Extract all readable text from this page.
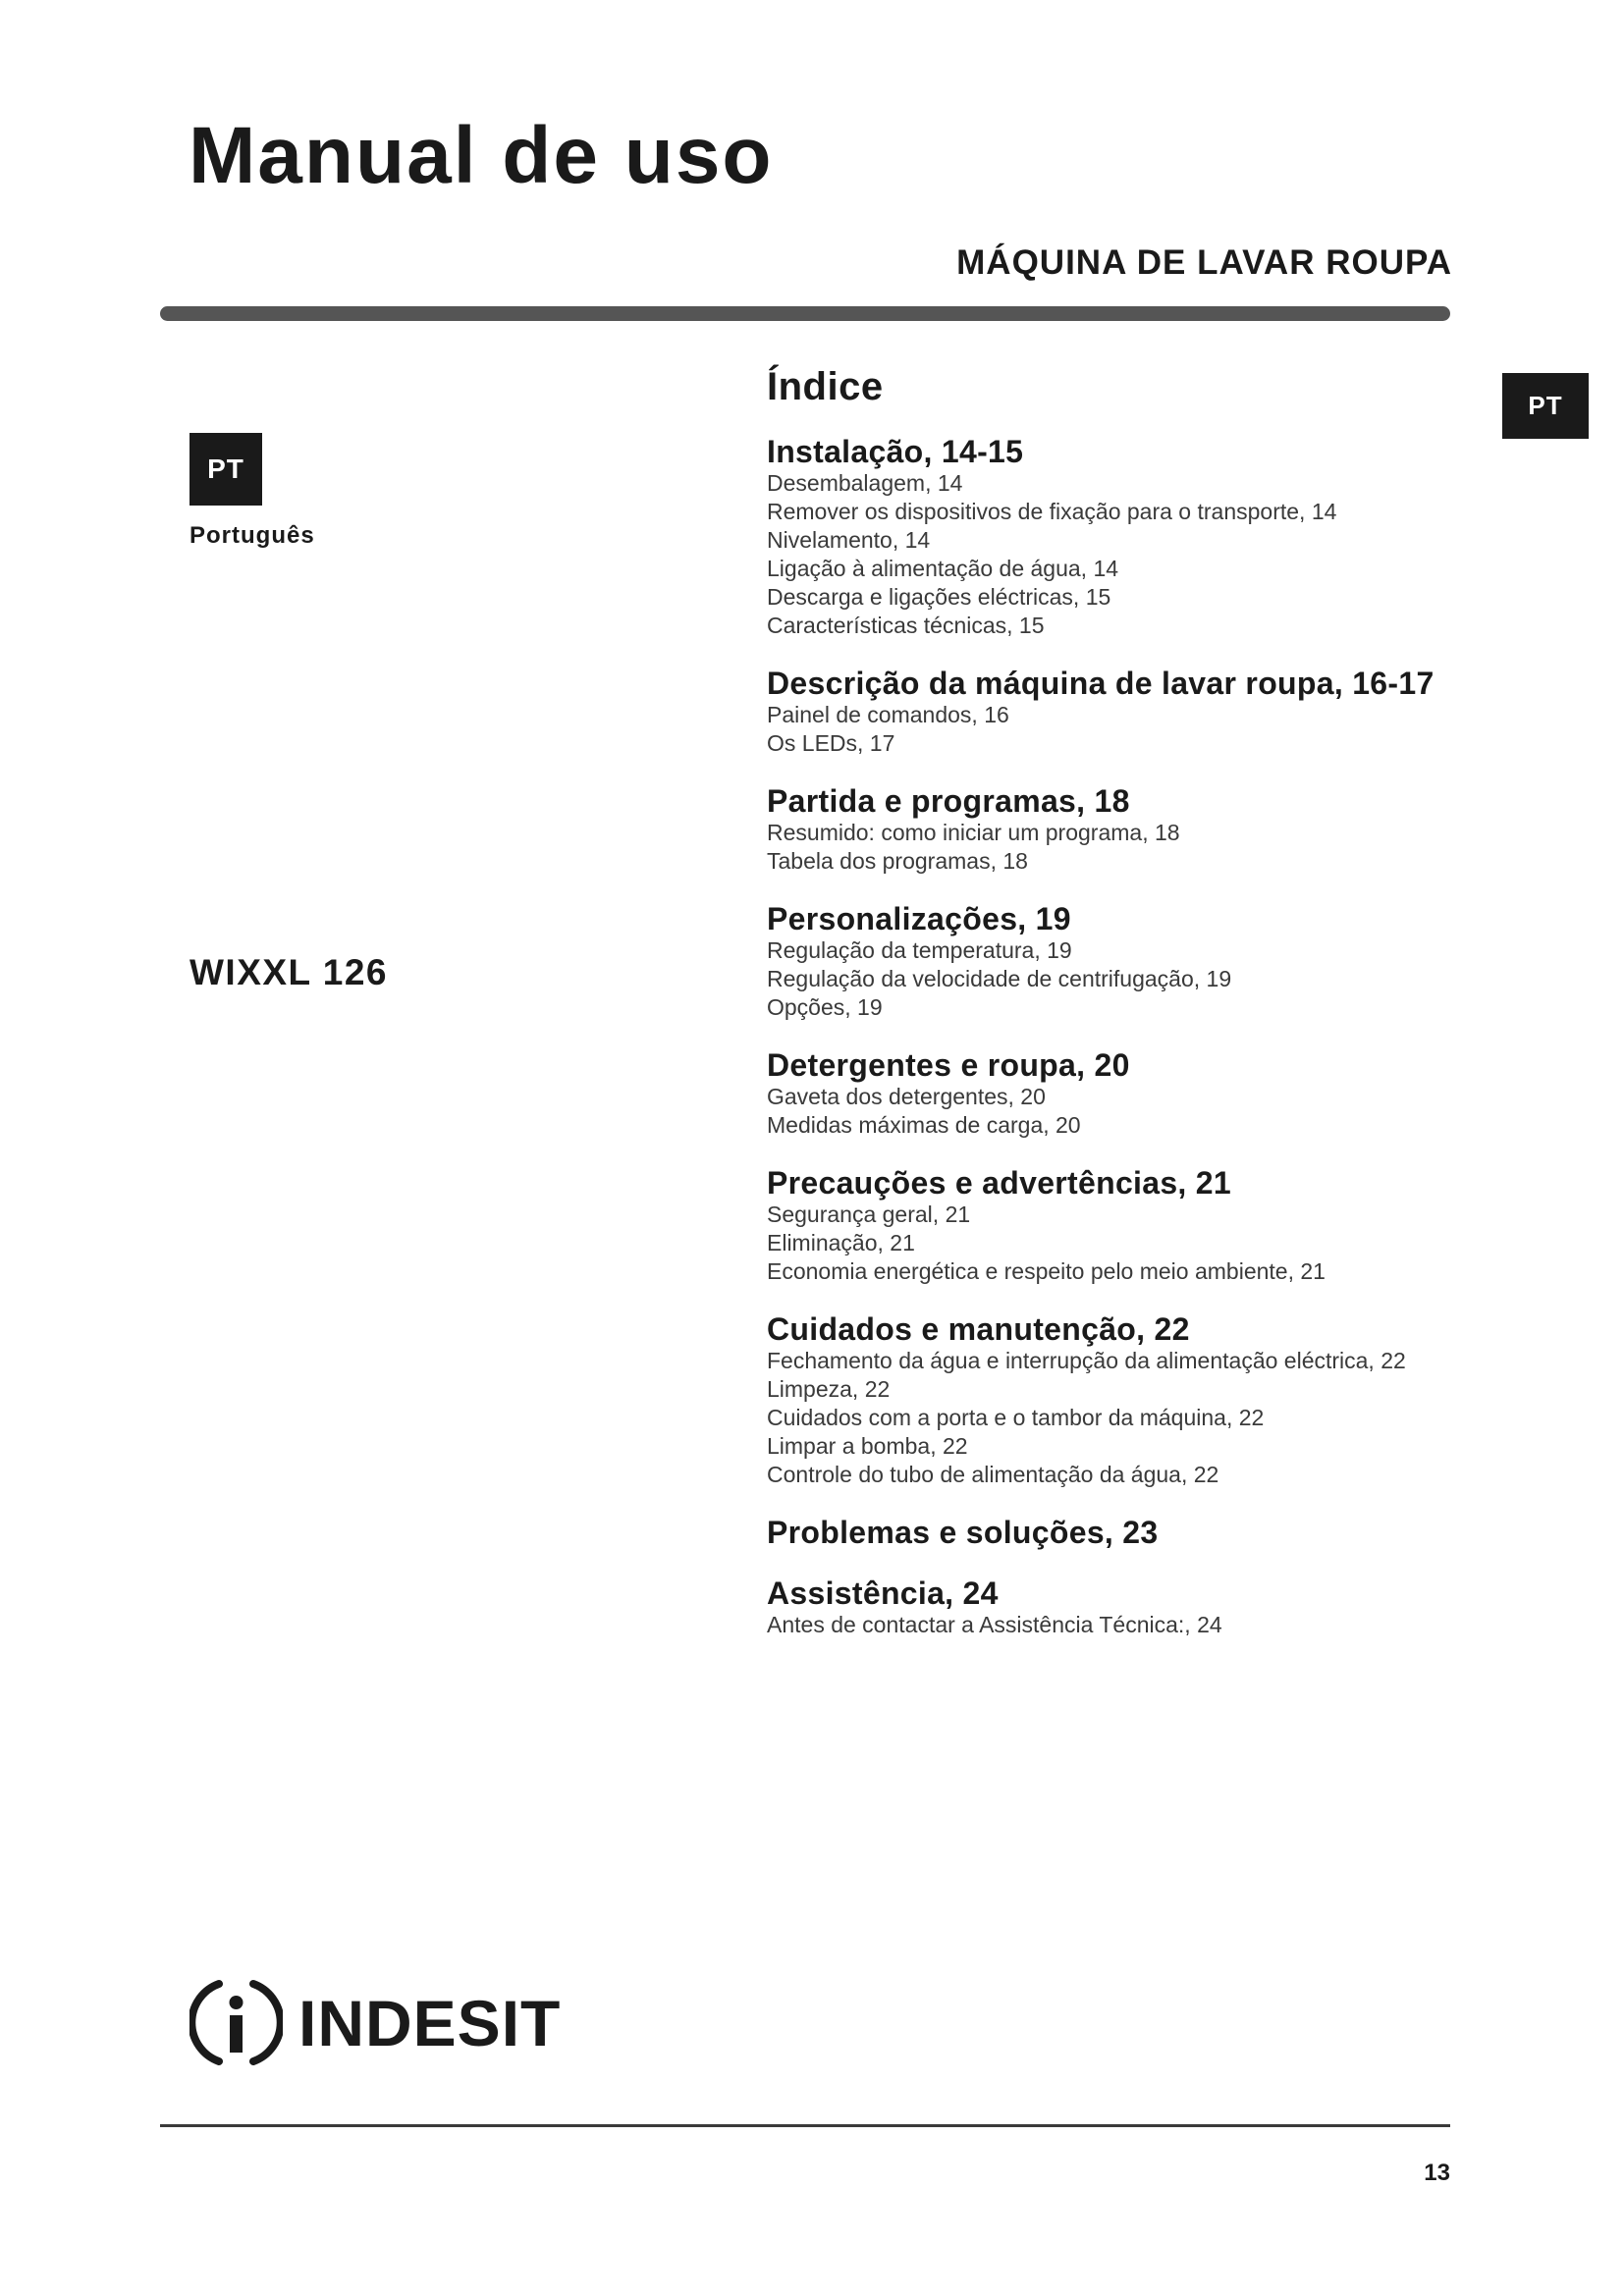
Manual de uso
MÁQUINA DE LAVAR ROUPA
PT
Português
PT
WIXXL 126
Índice
Instalação, 14-15
Desembalagem, 14
Remover os dispositivos de fixação para o transporte, 14
Nivelamento, 14
Ligação à alimentação de água, 14
Descarga e ligações eléctricas, 15
Características técnicas, 15
Descrição da máquina de lavar roupa, 16-17
Painel de comandos, 16
Os LEDs, 17
Partida e programas, 18
Resumido: como iniciar um programa, 18
Tabela dos programas, 18
Personalizações, 19
Regulação da temperatura, 19
Regulação da velocidade de centrifugação, 19
Opções, 19
Detergentes e roupa, 20
Gaveta dos detergentes, 20
Medidas máximas de carga, 20
Precauções e advertências, 21
Segurança geral, 21
Eliminação, 21
Economia energética e respeito pelo meio ambiente, 21
Cuidados e manutenção, 22
Fechamento da água e interrupção da alimentação eléctrica, 22
Limpeza, 22
Cuidados com a porta e o tambor da máquina, 22
Limpar a bomba, 22
Controle do tubo de alimentação da água, 22
Problemas e soluções, 23
Assistência, 24
Antes de contactar a Assistência Técnica:, 24
INDESIT
13
